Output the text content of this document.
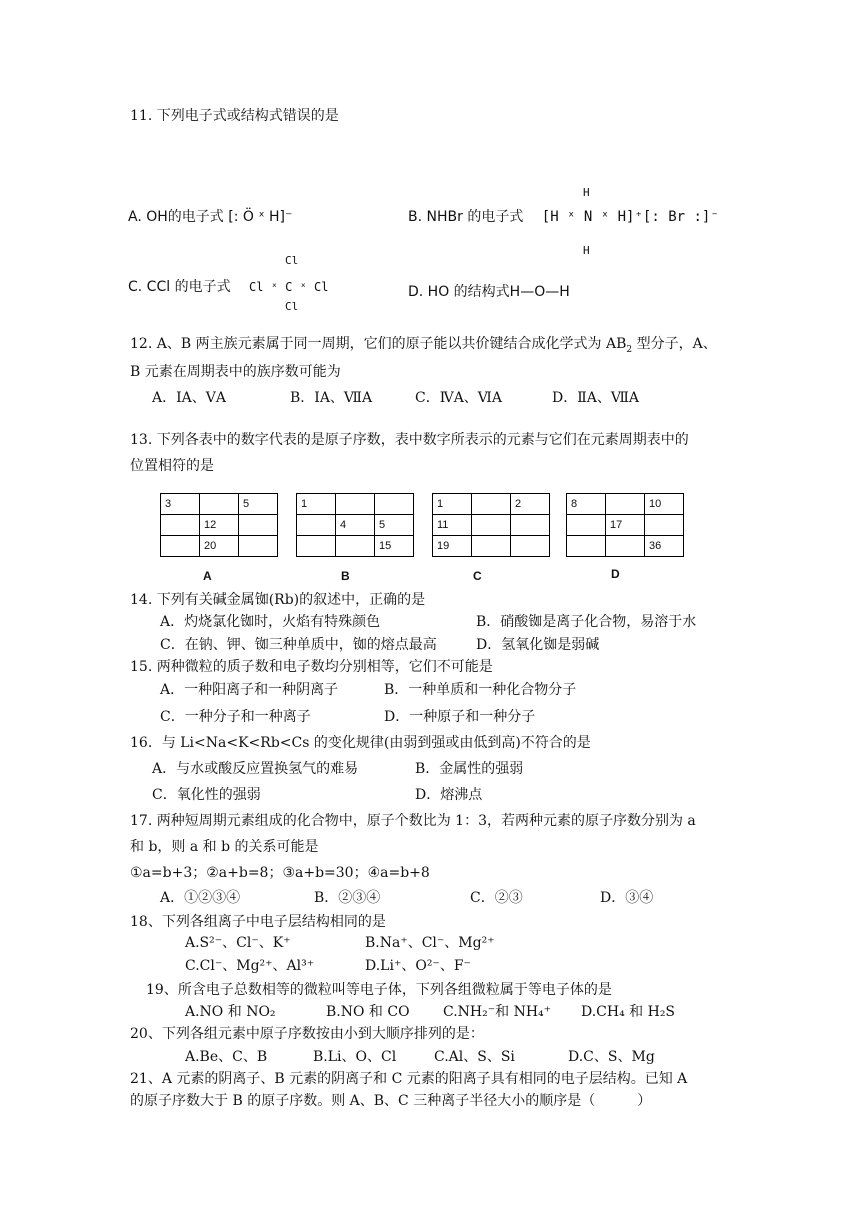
11. 下列电子式或结构式错误的是
A. OH的电子式 [: Ö ˣ H]⁻	B. NHBr 的电子式 [H ˣ N ˣ H]⁺[: Br :]⁻
H
H
C. CCl 的电子式 Cl ˣ C ˣ Cl
Cl
Cl
D. HO 的结构式H—O—H
12. A、B 两主族元素属于同一周期，它们的原子能以共价键结合成化学式为 $AB_2$ 型分子，A、
B 元素在周期表中的族序数可能为
A．ⅠA、ⅤA	B．ⅠA、ⅦA	C．ⅣA、ⅥA	D．ⅡA、ⅦA
13. 下列各表中的数字代表的是原子序数，表中数字所表示的元素与它们在元素周期表中的
位置相符的是
3		5
	12	
	20	
A
1		
	4	5
		15
B
1		2
11		
19		
C
8		10
	17	
		36
D
14. 下列有关碱金属铷(Rb)的叙述中，正确的是
A．灼烧氯化铷时，火焰有特殊颜色	B．硝酸铷是离子化合物，易溶于水
C．在钠、钾、铷三种单质中，铷的熔点最高	D．氢氧化铷是弱碱
15. 两种微粒的质子数和电子数均分别相等，它们不可能是
A．一种阳离子和一种阴离子	B．一种单质和一种化合物分子
C．一种分子和一种离子	D．一种原子和一种分子
16．与 Li<Na<K<Rb<Cs 的变化规律(由弱到强或由低到高)不符合的是
A．与水或酸反应置换氢气的难易	B．金属性的强弱
C．氧化性的强弱	D．熔沸点
17. 两种短周期元素组成的化合物中，原子个数比为 1：3，若两种元素的原子序数分别为 a
和 b，则 a 和 b 的关系可能是
①a=b+3；②a+b=8；③a+b=30；④a=b+8
A．①②③④	B．②③④	C．②③	D．③④
18、下列各组离子中电子层结构相同的是
A.S²⁻、Cl⁻、K⁺	B.Na⁺、Cl⁻、Mg²⁺
C.Cl⁻、Mg²⁺、Al³⁺	D.Li⁺、O²⁻、F⁻
19、所含电子总数相等的微粒叫等电子体，下列各组微粒属于等电子体的是
A.NO 和 NO₂	B.NO 和 CO C.NH₂⁻和 NH₄⁺ D.CH₄ 和 H₂S
20、下列各组元素中原子序数按由小到大顺序排列的是：
A.Be、C、B	B.Li、O、Cl	C.Al、S、Si	D.C、S、Mg
21、A 元素的阴离子、B 元素的阴离子和 C 元素的阳离子具有相同的电子层结构。已知 A
的原子序数大于 B 的原子序数。则 A、B、C 三种离子半径大小的顺序是（　　　）
